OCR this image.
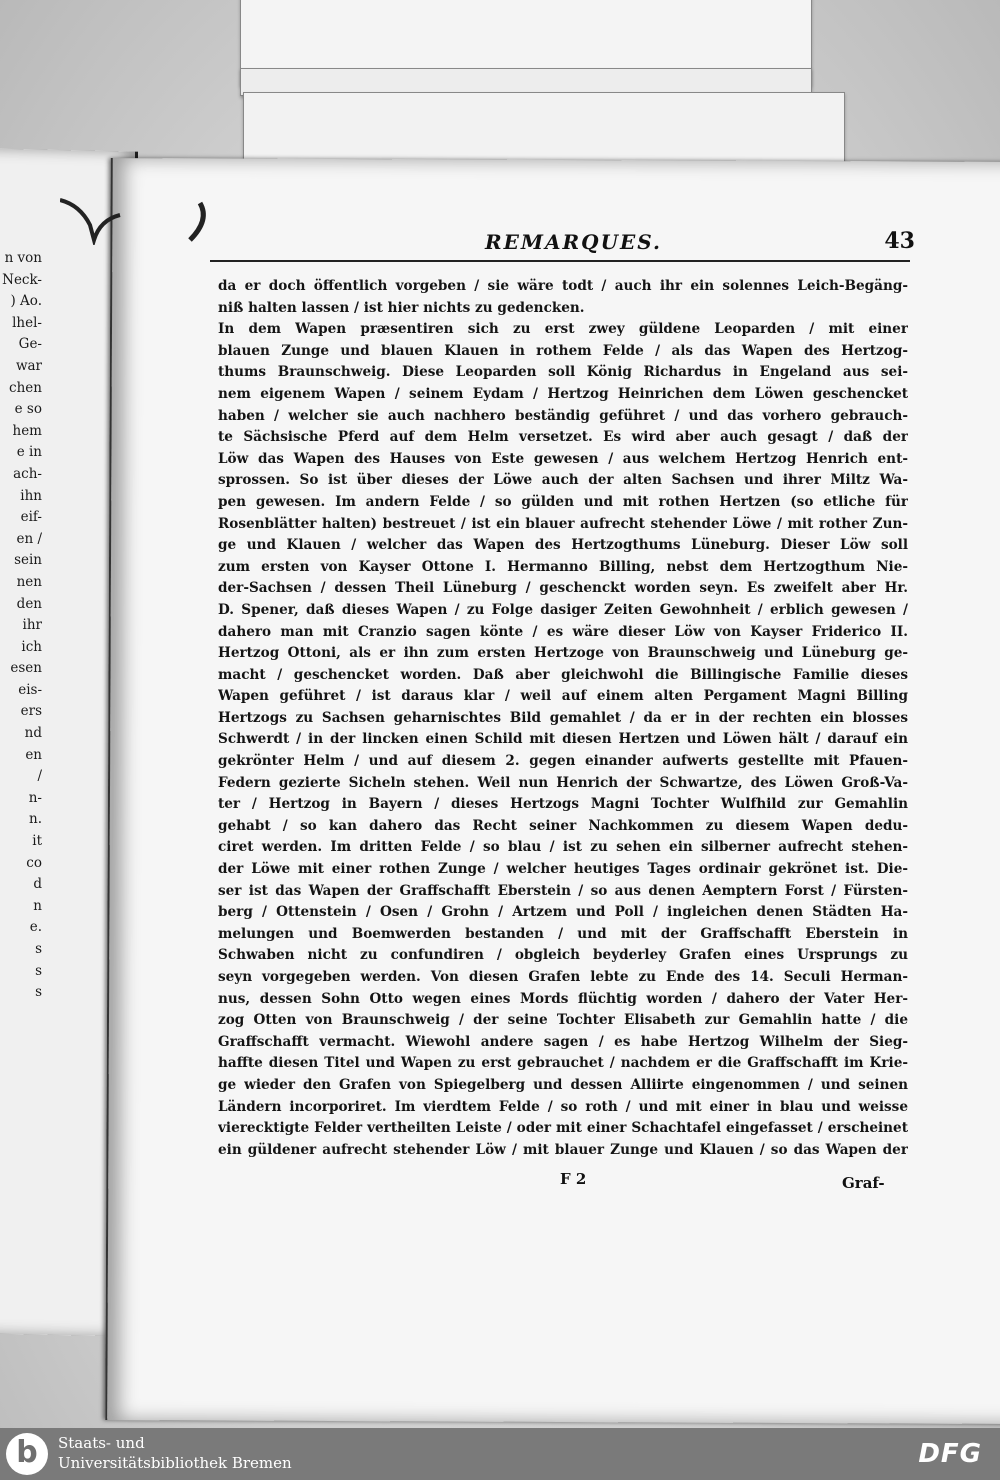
n von
Neck-
) Ao.
lhel-
Ge-
war
chen
e so
hem
e in
ach-
ihn
eif-
en /
sein
nen
den
ihr
ich
esen
eis-
ers
nd
en
/
n-
n.
it
co
d
n
e.
s
s
s
REMARQUES.	43
da er doch öffentlich vorgeben / sie wäre todt / auch ihr ein solennes Leich-Begäng-
niß halten lassen / ist hier nichts zu gedencken.
In dem Wapen præsentiren sich zu erst zwey güldene Leoparden / mit einer
blauen Zunge und blauen Klauen in rothem Felde / als das Wapen des Hertzog-
thums Braunschweig. Diese Leoparden soll König Richardus in Engeland aus sei-
nem eigenem Wapen / seinem Eydam / Hertzog Heinrichen dem Löwen geschencket
haben / welcher sie auch nachhero beständig geführet / und das vorhero gebrauch-
te Sächsische Pferd auf dem Helm versetzet. Es wird aber auch gesagt / daß der
Löw das Wapen des Hauses von Este gewesen / aus welchem Hertzog Henrich ent-
sprossen. So ist über dieses der Löwe auch der alten Sachsen und ihrer Miltz Wa-
pen gewesen. Im andern Felde / so gülden und mit rothen Hertzen (so etliche für
Rosenblätter halten) bestreuet / ist ein blauer aufrecht stehender Löwe / mit rother Zun-
ge und Klauen / welcher das Wapen des Hertzogthums Lüneburg. Dieser Löw soll
zum ersten von Kayser Ottone I. Hermanno Billing, nebst dem Hertzogthum Nie-
der-Sachsen / dessen Theil Lüneburg / geschenckt worden seyn. Es zweifelt aber Hr.
D. Spener, daß dieses Wapen / zu Folge dasiger Zeiten Gewohnheit / erblich gewesen /
dahero man mit Cranzio sagen könte / es wäre dieser Löw von Kayser Friderico II.
Hertzog Ottoni, als er ihn zum ersten Hertzoge von Braunschweig und Lüneburg ge-
macht / geschencket worden. Daß aber gleichwohl die Billingische Familie dieses
Wapen geführet / ist daraus klar / weil auf einem alten Pergament Magni Billing
Hertzogs zu Sachsen geharnischtes Bild gemahlet / da er in der rechten ein blosses
Schwerdt / in der lincken einen Schild mit diesen Hertzen und Löwen hält / darauf ein
gekrönter Helm / und auf diesem 2. gegen einander aufwerts gestellte mit Pfauen-
Federn gezierte Sicheln stehen. Weil nun Henrich der Schwartze, des Löwen Groß-Va-
ter / Hertzog in Bayern / dieses Hertzogs Magni Tochter Wulfhild zur Gemahlin
gehabt / so kan dahero das Recht seiner Nachkommen zu diesem Wapen dedu-
ciret werden. Im dritten Felde / so blau / ist zu sehen ein silberner aufrecht stehen-
der Löwe mit einer rothen Zunge / welcher heutiges Tages ordinair gekrönet ist. Die-
ser ist das Wapen der Graffschafft Eberstein / so aus denen Aemptern Forst / Fürsten-
berg / Ottenstein / Osen / Grohn / Artzem und Poll / ingleichen denen Städten Ha-
melungen und Boemwerden bestanden / und mit der Graffschafft Eberstein in
Schwaben nicht zu confundiren / obgleich beyderley Grafen eines Ursprungs zu
seyn vorgegeben werden. Von diesen Grafen lebte zu Ende des 14. Seculi Herman-
nus, dessen Sohn Otto wegen eines Mords flüchtig worden / dahero der Vater Her-
zog Otten von Braunschweig / der seine Tochter Elisabeth zur Gemahlin hatte / die
Graffschafft vermacht. Wiewohl andere sagen / es habe Hertzog Wilhelm der Sieg-
haffte diesen Titel und Wapen zu erst gebrauchet / nachdem er die Graffschafft im Krie-
ge wieder den Grafen von Spiegelberg und dessen Alliirte eingenommen / und seinen
Ländern incorporiret. Im vierdtem Felde / so roth / und mit einer in blau und weisse
vierecktigte Felder vertheilten Leiste / oder mit einer Schachtafel eingefasset / erscheinet
ein güldener aufrecht stehender Löw / mit blauer Zunge und Klauen / so das Wapen der
F 2	Graf-
b	Staats- und
Universitätsbibliothek Bremen	DFG
